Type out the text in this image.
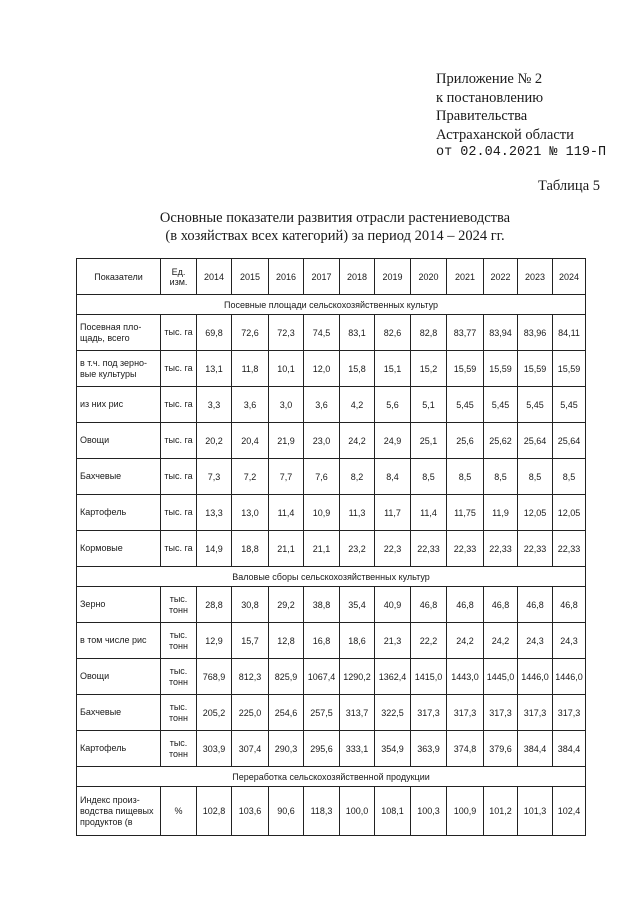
Приложение № 2
к постановлению
Правительства
Астраханской области
от 02.04.2021 № 119-П
Таблица 5
Основные показатели развития отрасли растениеводства
(в хозяйствах всех категорий) за период 2014 – 2024 гг.
Показатели	Ед. изм.	2014	2015	2016	2017	2018	2019	2020	2021	2022	2023	2024
Посевные площади сельскохозяйственных культур												
Посевная пло-щадь, всего	тыс. га	69,8	72,6	72,3	74,5	83,1	82,6	82,8	83,77	83,94	83,96	84,11
в т.ч. под зерно-вые культуры	тыс. га	13,1	11,8	10,1	12,0	15,8	15,1	15,2	15,59	15,59	15,59	15,59
из них рис	тыс. га	3,3	3,6	3,0	3,6	4,2	5,6	5,1	5,45	5,45	5,45	5,45
Овощи	тыс. га	20,2	20,4	21,9	23,0	24,2	24,9	25,1	25,6	25,62	25,64	25,64
Бахчевые	тыс. га	7,3	7,2	7,7	7,6	8,2	8,4	8,5	8,5	8,5	8,5	8,5
Картофель	тыс. га	13,3	13,0	11,4	10,9	11,3	11,7	11,4	11,75	11,9	12,05	12,05
Кормовые	тыс. га	14,9	18,8	21,1	21,1	23,2	22,3	22,33	22,33	22,33	22,33	22,33
Валовые сборы сельскохозяйственных культур												
Зерно	тыс. тонн	28,8	30,8	29,2	38,8	35,4	40,9	46,8	46,8	46,8	46,8	46,8
в том числе рис	тыс. тонн	12,9	15,7	12,8	16,8	18,6	21,3	22,2	24,2	24,2	24,3	24,3
Овощи	тыс. тонн	768,9	812,3	825,9	1067,4	1290,2	1362,4	1415,0	1443,0	1445,0	1446,0	1446,0
Бахчевые	тыс. тонн	205,2	225,0	254,6	257,5	313,7	322,5	317,3	317,3	317,3	317,3	317,3
Картофель	тыс. тонн	303,9	307,4	290,3	295,6	333,1	354,9	363,9	374,8	379,6	384,4	384,4
Переработка сельскохозяйственной продукции												
Индекс произ-водства пищевых продуктов (в	%	102,8	103,6	90,6	118,3	100,0	108,1	100,3	100,9	101,2	101,3	102,4
